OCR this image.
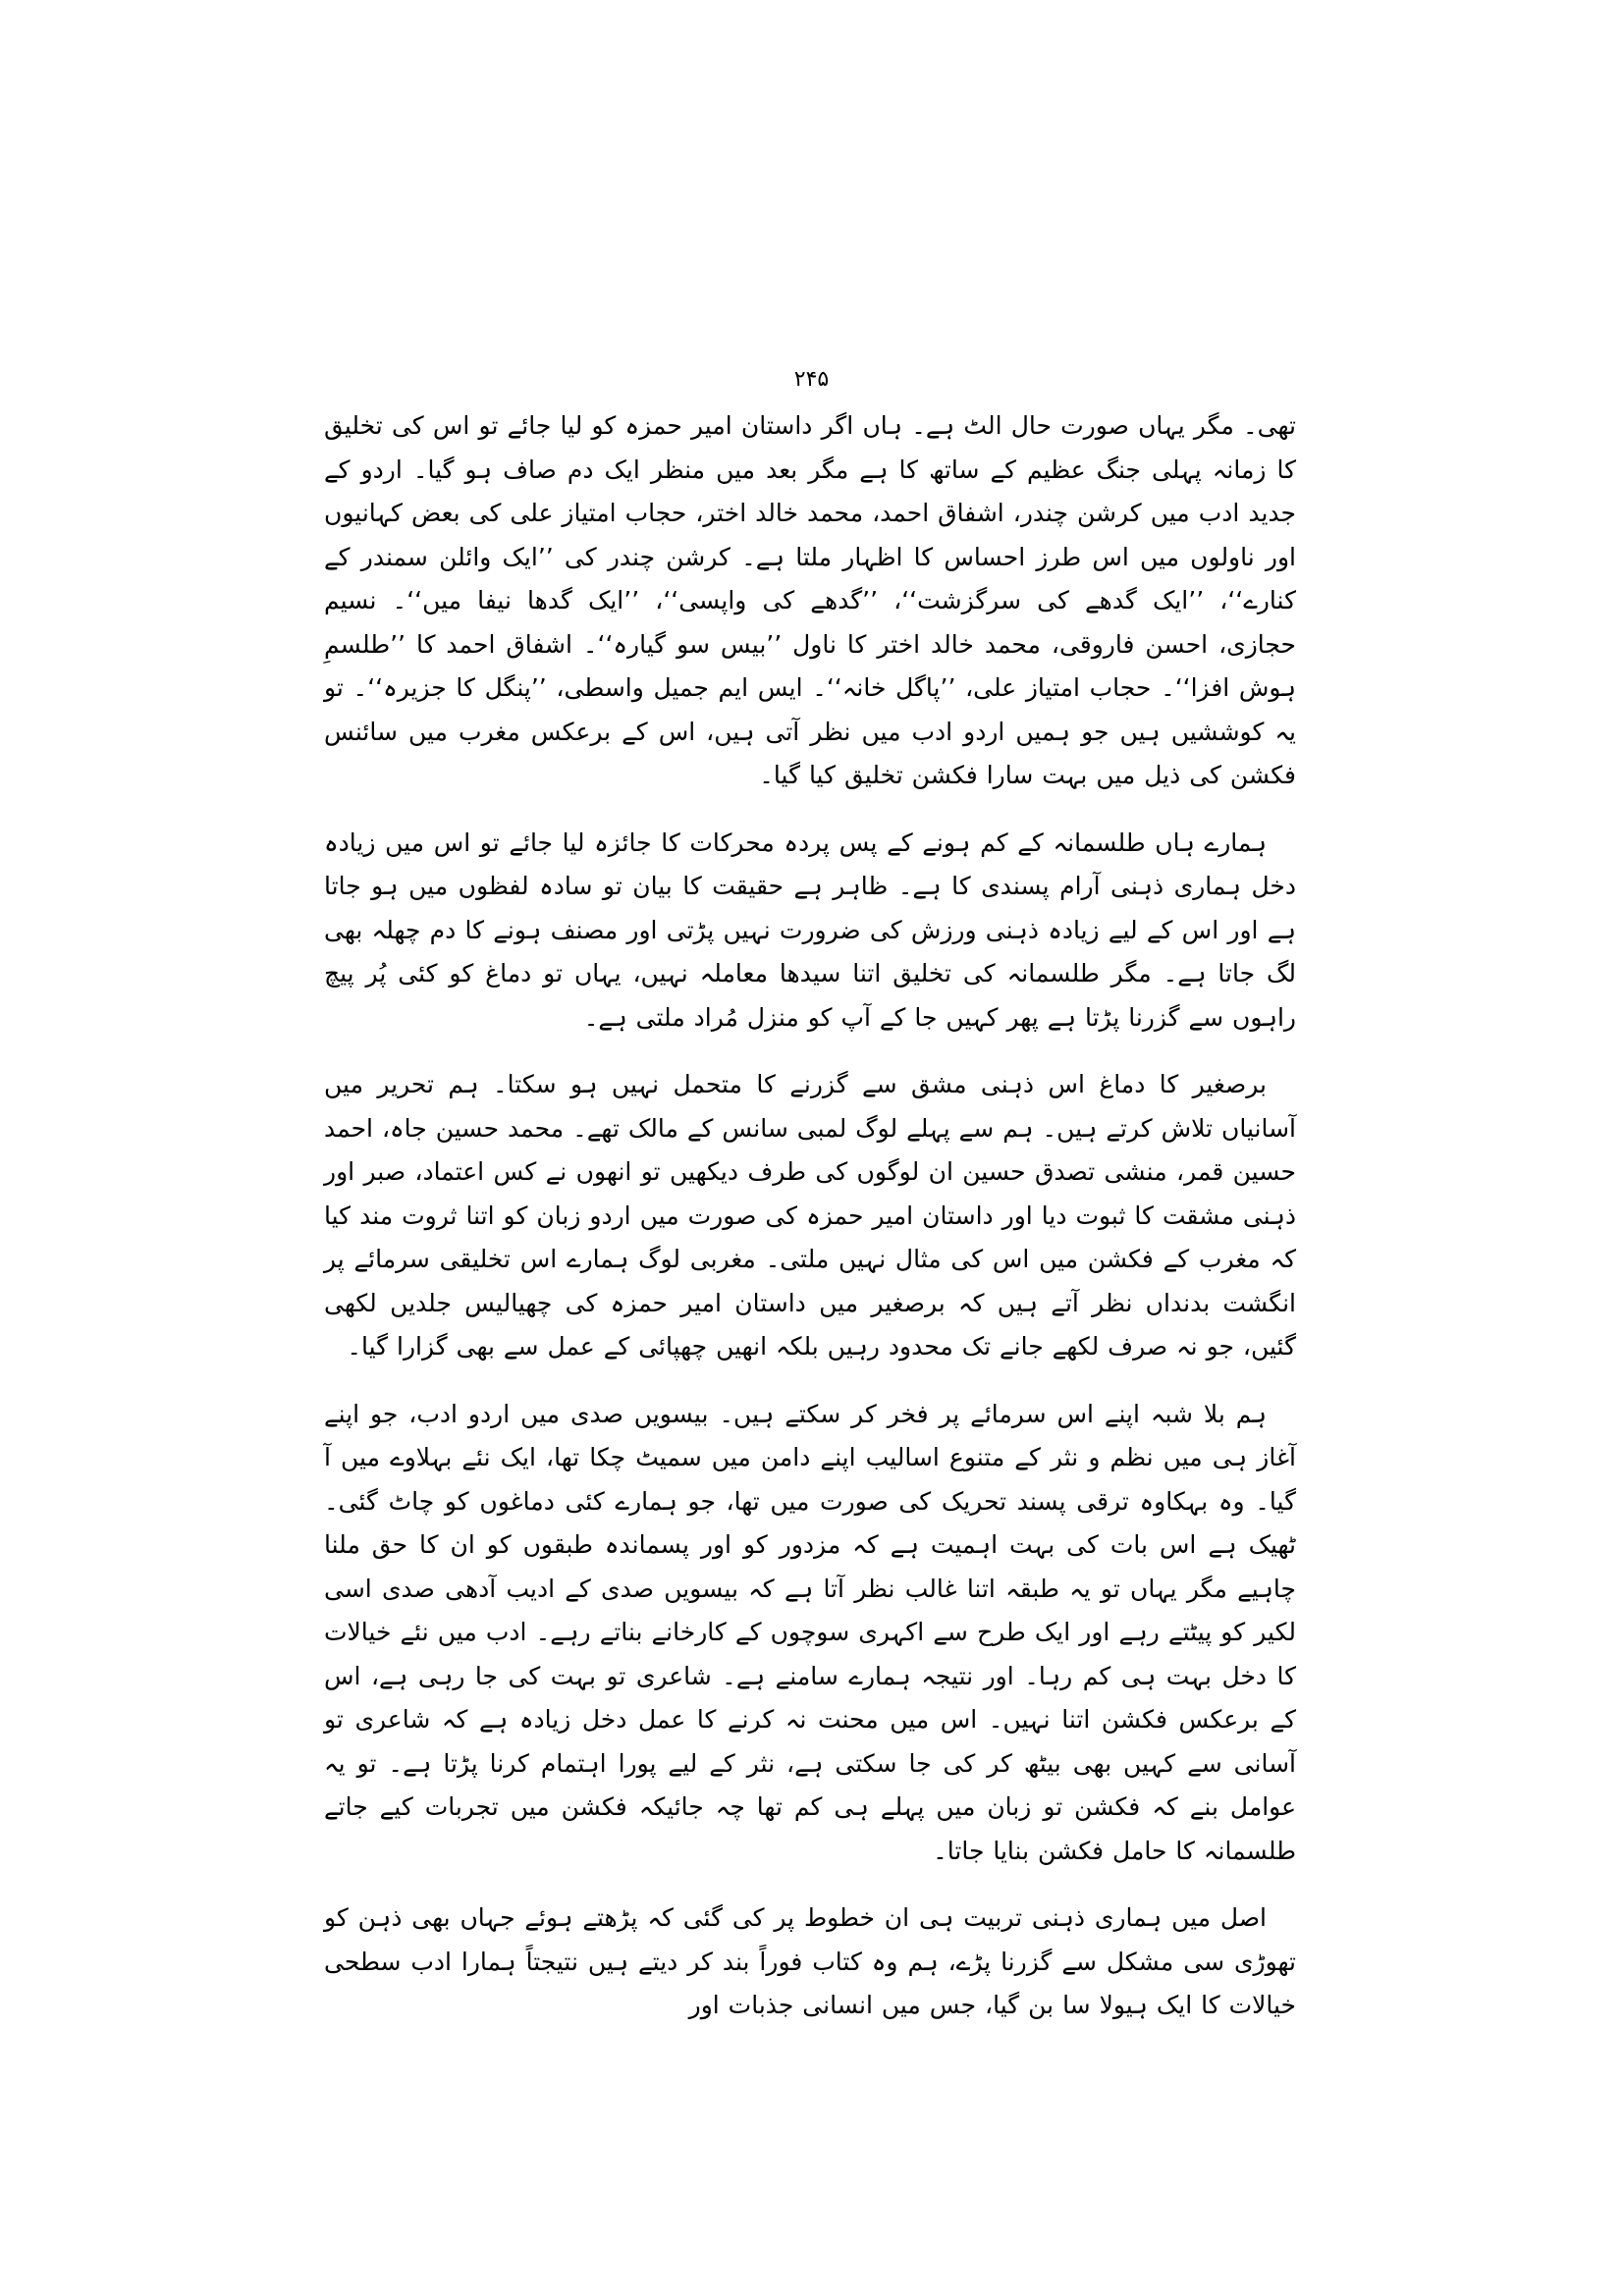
۲۴۵

تھی۔ مگر یہاں صورت حال الٹ ہے۔ ہاں اگر داستان امیر حمزہ کو لیا جائے تو اس کی تخلیق کا زمانہ پہلی جنگ عظیم کے ساتھ کا ہے مگر بعد میں منظر ایک دم صاف ہو گیا۔ اردو کے جدید ادب میں کرشن چندر، اشفاق احمد، محمد خالد اختر، حجاب امتیاز علی کی بعض کہانیوں اور ناولوں میں اس طرز احساس کا اظہار ملتا ہے۔ کرشن چندر کی ’’ایک وائلن سمندر کے کنارے‘‘، ’’ایک گدھے کی سرگزشت‘‘، ’’گدھے کی واپسی‘‘، ’’ایک گدھا نیفا میں‘‘۔ نسیم حجازی، احسن فاروقی، محمد خالد اختر کا ناول ’’بیس سو گیارہ‘‘۔ اشفاق احمد کا ’’طلسمِ ہوش افزا‘‘۔ حجاب امتیاز علی، ’’پاگل خانہ‘‘۔ ایس ایم جمیل واسطی، ’’پنگل کا جزیرہ‘‘۔ تو یہ کوششیں ہیں جو ہمیں اردو ادب میں نظر آتی ہیں، اس کے برعکس مغرب میں سائنس فکشن کی ذیل میں بہت سارا فکشن تخلیق کیا گیا۔

ہمارے ہاں طلسمانہ کے کم ہونے کے پس پردہ محرکات کا جائزہ لیا جائے تو اس میں زیادہ دخل ہماری ذہنی آرام پسندی کا ہے۔ ظاہر ہے حقیقت کا بیان تو سادہ لفظوں میں ہو جاتا ہے اور اس کے لیے زیادہ ذہنی ورزش کی ضرورت نہیں پڑتی اور مصنف ہونے کا دم چھلہ بھی لگ جاتا ہے۔ مگر طلسمانہ کی تخلیق اتنا سیدھا معاملہ نہیں، یہاں تو دماغ کو کئی پُر پیچ راہوں سے گزرنا پڑتا ہے پھر کہیں جا کے آپ کو منزل مُراد ملتی ہے۔

برصغیر کا دماغ اس ذہنی مشق سے گزرنے کا متحمل نہیں ہو سکتا۔ ہم تحریر میں آسانیاں تلاش کرتے ہیں۔ ہم سے پہلے لوگ لمبی سانس کے مالک تھے۔ محمد حسین جاہ، احمد حسین قمر، منشی تصدق حسین ان لوگوں کی طرف دیکھیں تو انھوں نے کس اعتماد، صبر اور ذہنی مشقت کا ثبوت دیا اور داستان امیر حمزہ کی صورت میں اردو زبان کو اتنا ثروت مند کیا کہ مغرب کے فکشن میں اس کی مثال نہیں ملتی۔ مغربی لوگ ہمارے اس تخلیقی سرمائے پر انگشت بدنداں نظر آتے ہیں کہ برصغیر میں داستان امیر حمزہ کی چھیالیس جلدیں لکھی گئیں، جو نہ صرف لکھے جانے تک محدود رہیں بلکہ انھیں چھپائی کے عمل سے بھی گزارا گیا۔

ہم بلا شبہ اپنے اس سرمائے پر فخر کر سکتے ہیں۔ بیسویں صدی میں اردو ادب، جو اپنے آغاز ہی میں نظم و نثر کے متنوع اسالیب اپنے دامن میں سمیٹ چکا تھا، ایک نئے بہلاوے میں آ گیا۔ وہ بہکاوہ ترقی پسند تحریک کی صورت میں تھا، جو ہمارے کئی دماغوں کو چاٹ گئی۔ ٹھیک ہے اس بات کی بہت اہمیت ہے کہ مزدور کو اور پسماندہ طبقوں کو ان کا حق ملنا چاہیے مگر یہاں تو یہ طبقہ اتنا غالب نظر آتا ہے کہ بیسویں صدی کے ادیب آدھی صدی اسی لکیر کو پیٹتے رہے اور ایک طرح سے اکہری سوچوں کے کارخانے بناتے رہے۔ ادب میں نئے خیالات کا دخل بہت ہی کم رہا۔ اور نتیجہ ہمارے سامنے ہے۔ شاعری تو بہت کی جا رہی ہے، اس کے برعکس فکشن اتنا نہیں۔ اس میں محنت نہ کرنے کا عمل دخل زیادہ ہے کہ شاعری تو آسانی سے کہیں بھی بیٹھ کر کی جا سکتی ہے، نثر کے لیے پورا اہتمام کرنا پڑتا ہے۔ تو یہ عوامل بنے کہ فکشن تو زبان میں پہلے ہی کم تھا چہ جائیکہ فکشن میں تجربات کیے جاتے طلسمانہ کا حامل فکشن بنایا جاتا۔

اصل میں ہماری ذہنی تربیت ہی ان خطوط پر کی گئی کہ پڑھتے ہوئے جہاں بھی ذہن کو تھوڑی سی مشکل سے گزرنا پڑے، ہم وہ کتاب فوراً بند کر دیتے ہیں نتیجتاً ہمارا ادب سطحی خیالات کا ایک ہیولا سا بن گیا، جس میں انسانی جذبات اور
